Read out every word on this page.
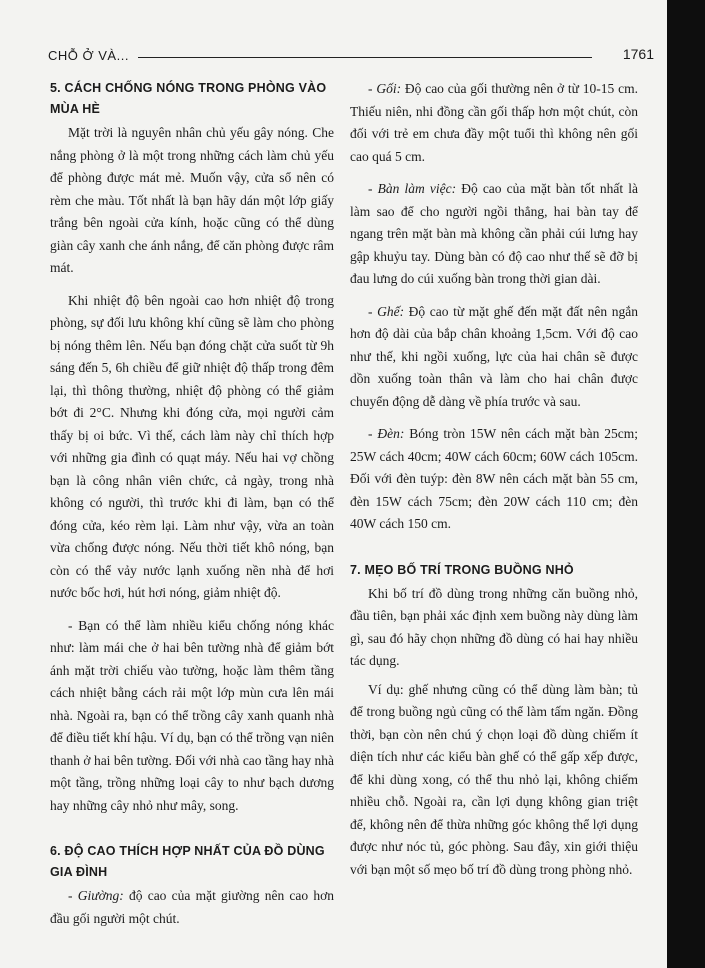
CHỖ Ở VÀ...	1761
5. CÁCH CHỐNG NÓNG TRONG PHÒNG VÀO MÙA HÈ

Mặt trời là nguyên nhân chủ yếu gây nóng. Che nắng phòng ở là một trong những cách làm chủ yếu để phòng được mát mẻ. Muốn vậy, cửa sổ nên có rèm che màu. Tốt nhất là bạn hãy dán một lớp giấy trắng bên ngoài cửa kính, hoặc cũng có thể dùng giàn cây xanh che ánh nắng, để căn phòng được râm mát.

Khi nhiệt độ bên ngoài cao hơn nhiệt độ trong phòng, sự đối lưu không khí cũng sẽ làm cho phòng bị nóng thêm lên. Nếu bạn đóng chặt cửa suốt từ 9h sáng đến 5, 6h chiều để giữ nhiệt độ thấp trong đêm lại, thì thông thường, nhiệt độ phòng có thể giảm bớt đi 2°C. Nhưng khi đóng cửa, mọi người cảm thấy bị oi bức. Vì thế, cách làm này chỉ thích hợp với những gia đình có quạt máy. Nếu hai vợ chồng bạn là công nhân viên chức, cả ngày, trong nhà không có người, thì trước khi đi làm, bạn có thể đóng cửa, kéo rèm lại. Làm như vậy, vừa an toàn vừa chống được nóng. Nếu thời tiết khô nóng, bạn còn có thể vảy nước lạnh xuống nền nhà để hơi nước bốc hơi, hút hơi nóng, giảm nhiệt độ.

- Bạn có thể làm nhiều kiểu chống nóng khác như: làm mái che ở hai bên tường nhà để giảm bớt ánh mặt trời chiếu vào tường, hoặc làm thêm tầng cách nhiệt bằng cách rải một lớp mùn cưa lên mái nhà. Ngoài ra, bạn có thể trồng cây xanh quanh nhà để điều tiết khí hậu. Ví dụ, bạn có thể trồng vạn niên thanh ở hai bên tường. Đối với nhà cao tầng hay nhà một tầng, trồng những loại cây to như bạch dương hay những cây nhỏ như mây, song.

6. ĐỘ CAO THÍCH HỢP NHẤT CỦA ĐỒ DÙNG GIA ĐÌNH

- Giường: độ cao của mặt giường nên cao hơn đầu gối người một chút.

- Gối: Độ cao của gối thường nên ở từ 10-15 cm. Thiếu niên, nhi đồng cần gối thấp hơn một chút, còn đối với trẻ em chưa đầy một tuổi thì không nên gối cao quá 5 cm.

- Bàn làm việc: Độ cao của mặt bàn tốt nhất là làm sao để cho người ngồi thẳng, hai bàn tay để ngang trên mặt bàn mà không cần phải cúi lưng hay gập khuỷu tay. Dùng bàn có độ cao như thế sẽ đỡ bị đau lưng do cúi xuống bàn trong thời gian dài.

- Ghế: Độ cao từ mặt ghế đến mặt đất nên ngắn hơn độ dài của bắp chân khoảng 1,5cm. Với độ cao như thế, khi ngồi xuống, lực của hai chân sẽ được dồn xuống toàn thân và làm cho hai chân được chuyển động dễ dàng về phía trước và sau.

- Đèn: Bóng tròn 15W nên cách mặt bàn 25cm; 25W cách 40cm; 40W cách 60cm; 60W cách 105cm. Đối với đèn tuýp: đèn 8W nên cách mặt bàn 55 cm, đèn 15W cách 75cm; đèn 20W cách 110 cm; đèn 40W cách 150 cm.

7. MẸO BỐ TRÍ TRONG BUỒNG NHỎ

Khi bố trí đồ dùng trong những căn buồng nhỏ, đầu tiên, bạn phải xác định xem buồng này dùng làm gì, sau đó hãy chọn những đồ dùng có hai hay nhiều tác dụng.

Ví dụ: ghế nhưng cũng có thể dùng làm bàn; tủ để trong buồng ngủ cũng có thể làm tấm ngăn. Đồng thời, bạn còn nên chú ý chọn loại đồ dùng chiếm ít diện tích như các kiểu bàn ghế có thể gấp xếp được, để khi dùng xong, có thể thu nhỏ lại, không chiếm nhiều chỗ. Ngoài ra, cần lợi dụng không gian triệt để, không nên để thừa những góc không thể lợi dụng được như nóc tủ, góc phòng. Sau đây, xin giới thiệu với bạn một số mẹo bố trí đồ dùng trong phòng nhỏ.
